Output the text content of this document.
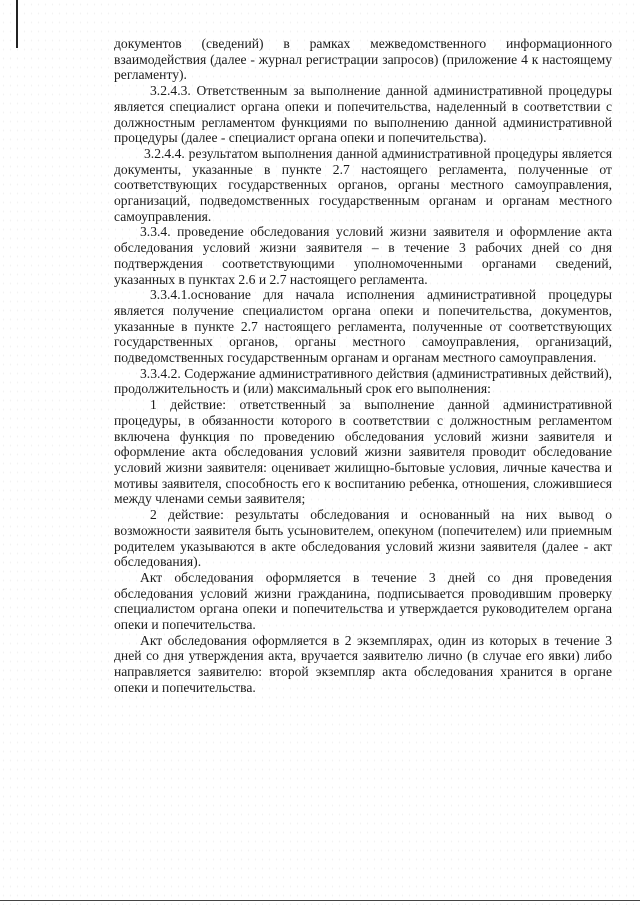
документов (сведений) в рамках межведомственного информационного взаимодействия (далее - журнал регистрации запросов) (приложение 4 к настоящему регламенту).

3.2.4.3. Ответственным за выполнение данной административной процедуры является специалист органа опеки и попечительства, наделенный в соответствии с должностным регламентом функциями по выполнению данной административной процедуры (далее - специалист органа опеки и попечительства).

3.2.4.4. результатом выполнения данной административной процедуры является документы, указанные в пункте 2.7 настоящего регламента, полученные от соответствующих государственных органов, органы местного самоуправления, организаций, подведомственных государственным органам и органам местного самоуправления.

3.3.4. проведение обследования условий жизни заявителя и оформление акта обследования условий жизни заявителя – в течение 3 рабочих дней со дня подтверждения соответствующими уполномоченными органами сведений, указанных в пунктах 2.6 и 2.7 настоящего регламента.

3.3.4.1.основание для начала исполнения административной процедуры является получение специалистом органа опеки и попечительства, документов, указанные в пункте 2.7 настоящего регламента, полученные от соответствующих государственных органов, органы местного самоуправления, организаций, подведомственных государственным органам и органам местного самоуправления.

3.3.4.2. Содержание административного действия (административных действий), продолжительность и (или) максимальный срок его выполнения:

1 действие: ответственный за выполнение данной административной процедуры, в обязанности которого в соответствии с должностным регламентом включена функция по проведению обследования условий жизни заявителя и оформление акта обследования условий жизни заявителя проводит обследование условий жизни заявителя: оценивает жилищно-бытовые условия, личные качества и мотивы заявителя, способность его к воспитанию ребенка, отношения, сложившиеся между членами семьи заявителя;

2 действие: результаты обследования и основанный на них вывод о возможности заявителя быть усыновителем, опекуном (попечителем) или приемным родителем указываются в акте обследования условий жизни заявителя (далее - акт обследования).

Акт обследования оформляется в течение 3 дней со дня проведения обследования условий жизни гражданина, подписывается проводившим проверку специалистом органа опеки и попечительства и утверждается руководителем органа опеки и попечительства.

Акт обследования оформляется в 2 экземплярах, один из которых в течение 3 дней со дня утверждения акта, вручается заявителю лично (в случае его явки) либо направляется заявителю: второй экземпляр акта обследования хранится в органе опеки и попечительства.
